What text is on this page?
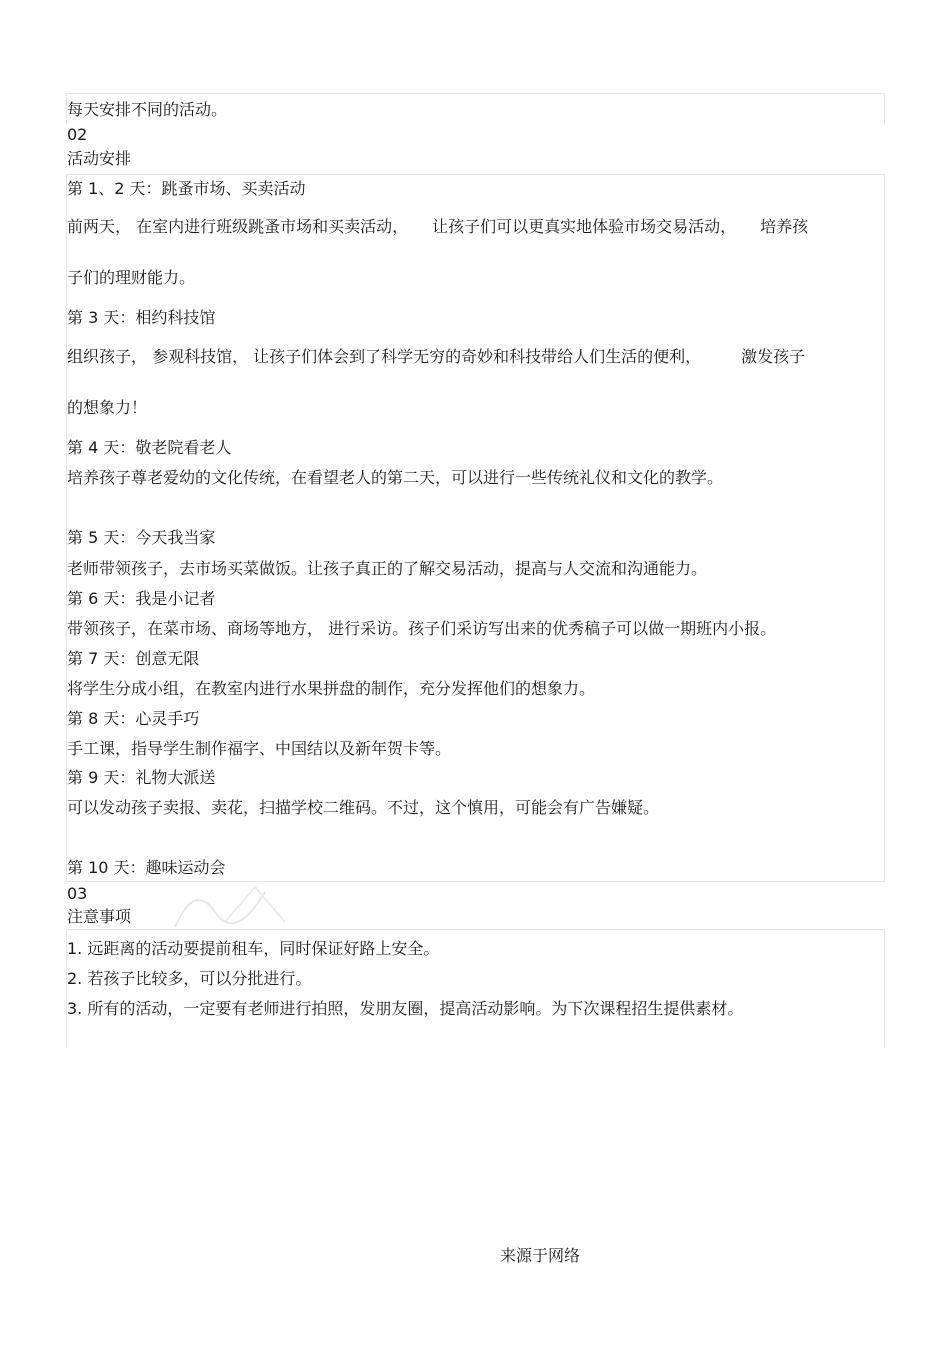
每天安排不同的活动。
02
活动安排
第 1、2 天：跳蚤市场、买卖活动
前两天， 在室内进行班级跳蚤市场和买卖活动，　　让孩子们可以更真实地体验市场交易活动，　　培养孩
子们的理财能力。
第 3 天：相约科技馆
组织孩子， 参观科技馆， 让孩子们体会到了科学无穷的奇妙和科技带给人们生活的便利，　　　激发孩子
的想象力！
第 4 天：敬老院看老人
培养孩子尊老爱幼的文化传统，在看望老人的第二天，可以进行一些传统礼仪和文化的教学。
第 5 天：今天我当家
老师带领孩子，去市场买菜做饭。让孩子真正的了解交易活动，提高与人交流和沟通能力。
第 6 天：我是小记者
带领孩子，在菜市场、商场等地方， 进行采访。孩子们采访写出来的优秀稿子可以做一期班内小报。
第 7 天：创意无限
将学生分成小组，在教室内进行水果拼盘的制作，充分发挥他们的想象力。
第 8 天：心灵手巧
手工课，指导学生制作福字、中国结以及新年贺卡等。
第 9 天：礼物大派送
可以发动孩子卖报、卖花，扫描学校二维码。不过，这个慎用，可能会有广告嫌疑。
第 10 天：趣味运动会
03
注意事项
1. 远距离的活动要提前租车，同时保证好路上安全。
2. 若孩子比较多，可以分批进行。
3. 所有的活动，一定要有老师进行拍照，发朋友圈，提高活动影响。为下次课程招生提供素材。
来源于网络
